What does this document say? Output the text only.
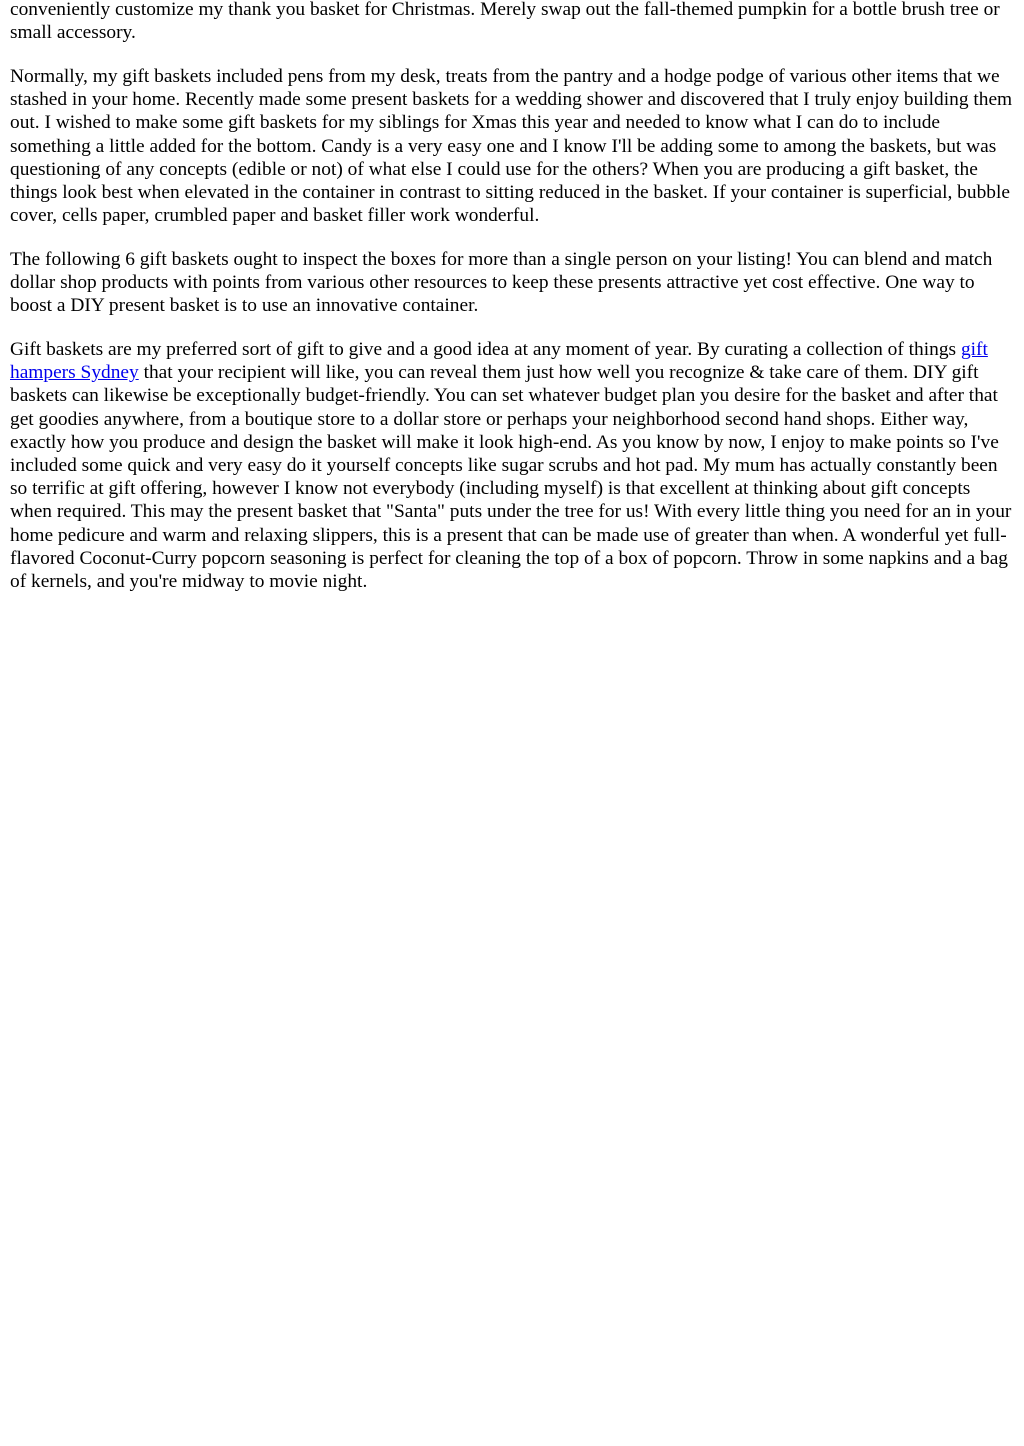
conveniently customize my thank you basket for Christmas. Merely swap out the fall-themed pumpkin for a bottle brush tree or small accessory.

Normally, my gift baskets included pens from my desk, treats from the pantry and a hodge podge of various other items that we stashed in your home. Recently made some present baskets for a wedding shower and discovered that I truly enjoy building them out. I wished to make some gift baskets for my siblings for Xmas this year and needed to know what I can do to include something a little added for the bottom. Candy is a very easy one and I know I'll be adding some to among the baskets, but was questioning of any concepts (edible or not) of what else I could use for the others? When you are producing a gift basket, the things look best when elevated in the container in contrast to sitting reduced in the basket. If your container is superficial, bubble cover, cells paper, crumbled paper and basket filler work wonderful.

The following 6 gift baskets ought to inspect the boxes for more than a single person on your listing! You can blend and match dollar shop products with points from various other resources to keep these presents attractive yet cost effective. One way to boost a DIY present basket is to use an innovative container.

Gift baskets are my preferred sort of gift to give and a good idea at any moment of year. By curating a collection of things gift hampers Sydney that your recipient will like, you can reveal them just how well you recognize & take care of them. DIY gift baskets can likewise be exceptionally budget-friendly. You can set whatever budget plan you desire for the basket and after that get goodies anywhere, from a boutique store to a dollar store or perhaps your neighborhood second hand shops. Either way, exactly how you produce and design the basket will make it look high-end. As you know by now, I enjoy to make points so I've included some quick and very easy do it yourself concepts like sugar scrubs and hot pad. My mum has actually constantly been so terrific at gift offering, however I know not everybody (including myself) is that excellent at thinking about gift concepts when required. This may the present basket that "Santa" puts under the tree for us! With every little thing you need for an in your home pedicure and warm and relaxing slippers, this is a present that can be made use of greater than when. A wonderful yet full-flavored Coconut-Curry popcorn seasoning is perfect for cleaning the top of a box of popcorn. Throw in some napkins and a bag of kernels, and you're midway to movie night.
